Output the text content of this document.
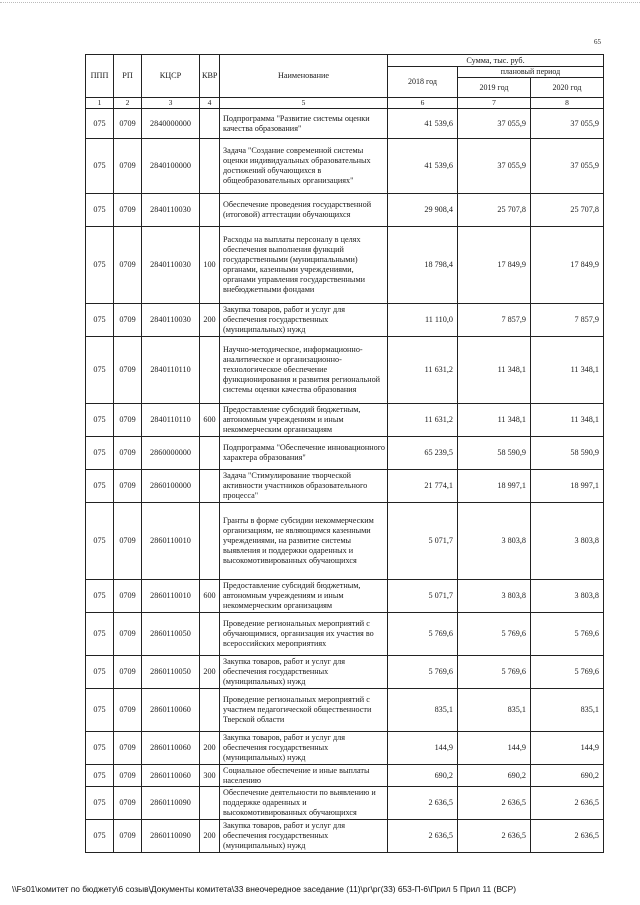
65
ППП	РП	КЦСР	КВР	Наименование	Сумма, тыс. руб.		
					2018 год	плановый период	
						2019 год	2020 год
1	2	3	4	5	6	7	8
075	0709	2840000000		Подпрограмма "Развитие системы оценки качества образования"	41 539,6	37 055,9	37 055,9
075	0709	2840100000		Задача "Создание современной системы оценки индивидуальных образовательных достижений обучающихся в общеобразовательных организациях"	41 539,6	37 055,9	37 055,9
075	0709	2840110030		Обеспечение проведения государственной (итоговой) аттестации обучающихся	29 908,4	25 707,8	25 707,8
075	0709	2840110030	100	Расходы на выплаты персоналу в целях обеспечения выполнения функций государственными (муниципальными) органами, казенными учреждениями, органами управления государственными внебюджетными фондами	18 798,4	17 849,9	17 849,9
075	0709	2840110030	200	Закупка товаров, работ и услуг для обеспечения государственных (муниципальных) нужд	11 110,0	7 857,9	7 857,9
075	0709	2840110110		Научно-методическое, информационно-аналитическое и организационно-технологическое обеспечение функционирования и развития региональной системы оценки качества образования	11 631,2	11 348,1	11 348,1
075	0709	2840110110	600	Предоставление субсидий бюджетным, автономным учреждениям и иным некоммерческим организациям	11 631,2	11 348,1	11 348,1
075	0709	2860000000		Подпрограмма "Обеспечение инновационного характера образования"	65 239,5	58 590,9	58 590,9
075	0709	2860100000		Задача "Стимулирование творческой активности участников образовательного процесса"	21 774,1	18 997,1	18 997,1
075	0709	2860110010		Гранты в форме субсидии некоммерческим организациям, не являющимся казенными учреждениями, на развитие системы выявления и поддержки одаренных и высокомотивированных обучающихся	5 071,7	3 803,8	3 803,8
075	0709	2860110010	600	Предоставление субсидий бюджетным, автономным учреждениям и иным некоммерческим организациям	5 071,7	3 803,8	3 803,8
075	0709	2860110050		Проведение региональных мероприятий с обучающимися, организация их участия во всероссийских мероприятиях	5 769,6	5 769,6	5 769,6
075	0709	2860110050	200	Закупка товаров, работ и услуг для обеспечения государственных (муниципальных) нужд	5 769,6	5 769,6	5 769,6
075	0709	2860110060		Проведение региональных мероприятий с участием педагогической общественности Тверской области	835,1	835,1	835,1
075	0709	2860110060	200	Закупка товаров, работ и услуг для обеспечения государственных (муниципальных) нужд	144,9	144,9	144,9
075	0709	2860110060	300	Социальное обеспечение и иные выплаты населению	690,2	690,2	690,2
075	0709	2860110090		Обеспечение деятельности по выявлению и поддержке одаренных и высокомотивированных обучающихся	2 636,5	2 636,5	2 636,5
075	0709	2860110090	200	Закупка товаров, работ и услуг для обеспечения государственных (муниципальных) нужд	2 636,5	2 636,5	2 636,5
\\Fs01\комитет по бюджету\6 созыв\Документы комитета\33 внеочередное заседание (11)\рг\рг(33) 653-П-6\Прил 5 Прил 11 (ВСР)
